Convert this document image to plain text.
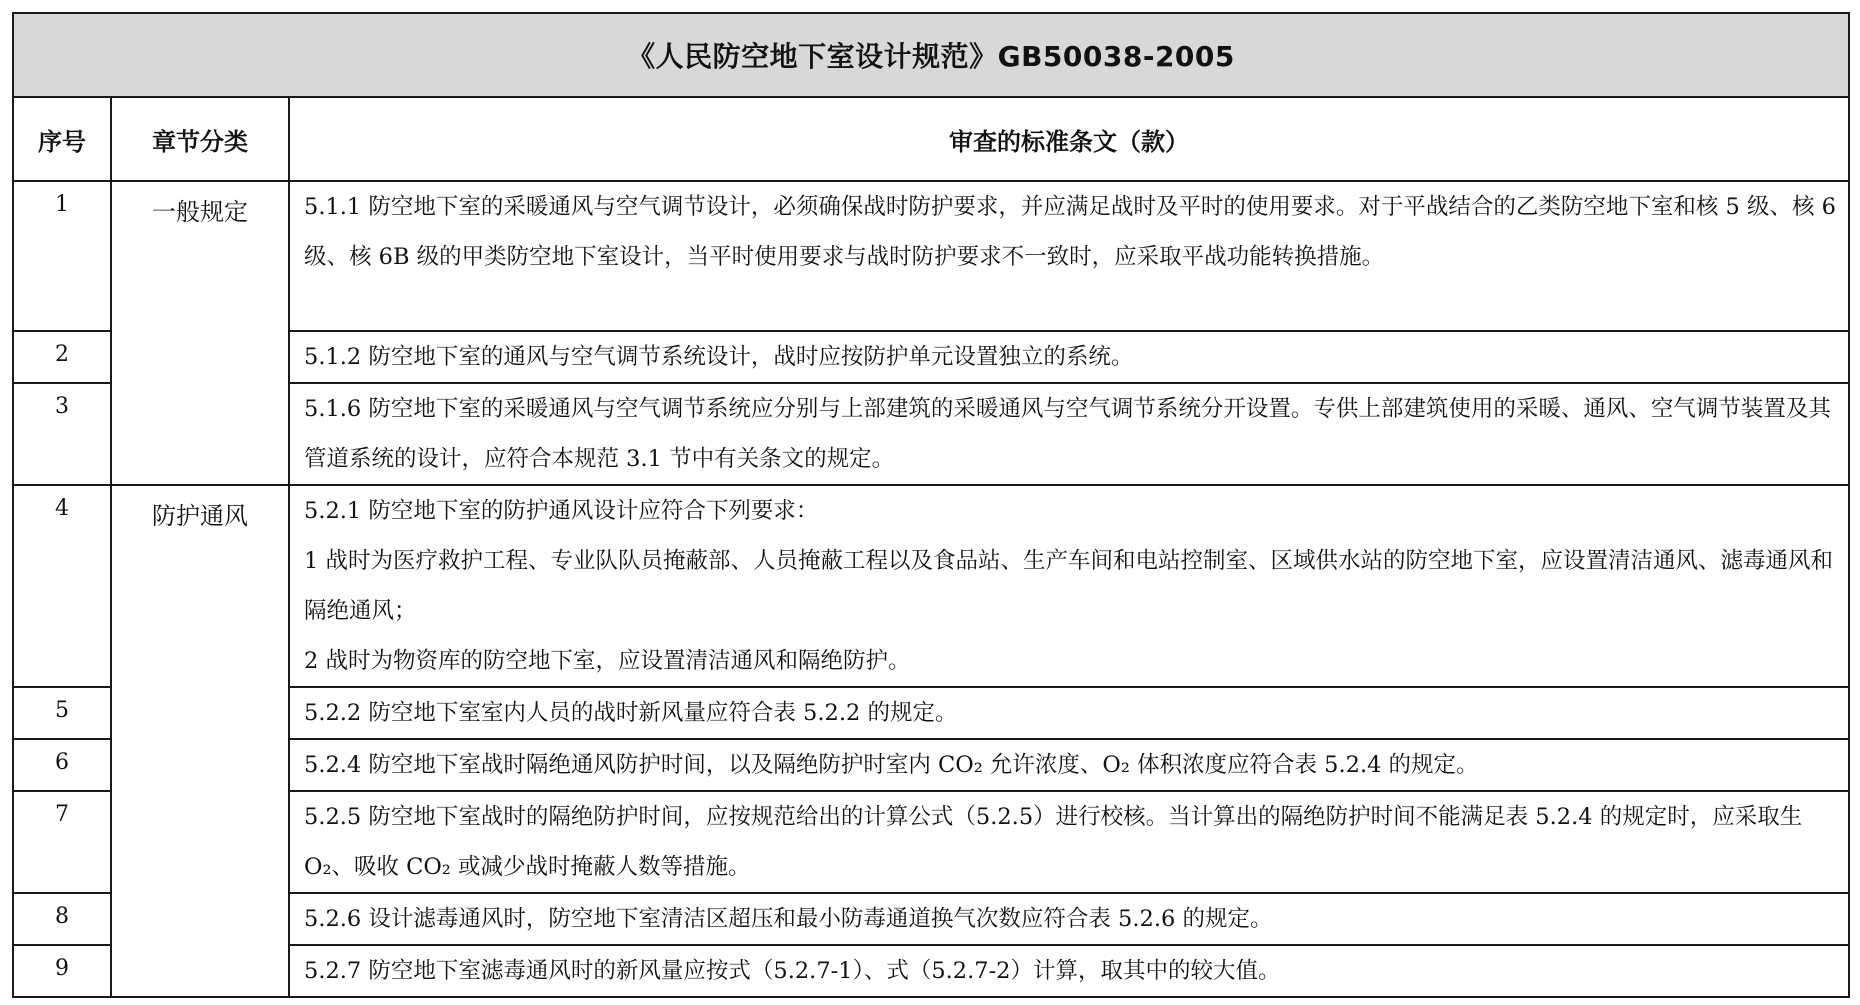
《人民防空地下室设计规范》GB50038-2005		
序号	章节分类	审查的标准条文（款）
1	一般规定	5.1.1 防空地下室的采暖通风与空气调节设计，必须确保战时防护要求，并应满足战时及平时的使用要求。对于平战结合的乙类防空地下室和核 5 级、核 6 级、核 6B 级的甲类防空地下室设计，当平时使用要求与战时防护要求不一致时，应采取平战功能转换措施。

2		5.1.2 防空地下室的通风与空气调节系统设计，战时应按防护单元设置独立的系统。

3		5.1.6 防空地下室的采暖通风与空气调节系统应分别与上部建筑的采暖通风与空气调节系统分开设置。专供上部建筑使用的采暖、通风、空气调节装置及其管道系统的设计，应符合本规范 3.1 节中有关条文的规定。

4	防护通风	5.2.1 防空地下室的防护通风设计应符合下列要求：
1 战时为医疗救护工程、专业队队员掩蔽部、人员掩蔽工程以及食品站、生产车间和电站控制室、区域供水站的防空地下室，应设置清洁通风、滤毒通风和隔绝通风；
2 战时为物资库的防空地下室，应设置清洁通风和隔绝防护。

5		5.2.2 防空地下室室内人员的战时新风量应符合表 5.2.2 的规定。

6		5.2.4 防空地下室战时隔绝通风防护时间，以及隔绝防护时室内 CO₂ 允许浓度、O₂ 体积浓度应符合表 5.2.4 的规定。

7		5.2.5 防空地下室战时的隔绝防护时间，应按规范给出的计算公式（5.2.5）进行校核。当计算出的隔绝防护时间不能满足表 5.2.4 的规定时，应采取生 O₂、吸收 CO₂ 或减少战时掩蔽人数等措施。

8		5.2.6 设计滤毒通风时，防空地下室清洁区超压和最小防毒通道换气次数应符合表 5.2.6 的规定。

9		5.2.7 防空地下室滤毒通风时的新风量应按式（5.2.7-1）、式（5.2.7-2）计算，取其中的较大值。
